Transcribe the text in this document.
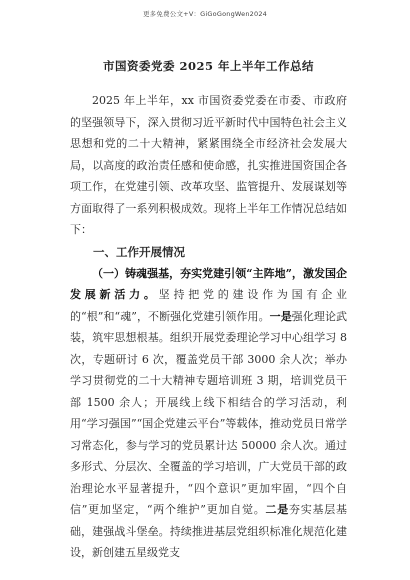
更多免费公文+V：GiGoGongWen2024
市国资委党委 2025 年上半年工作总结

2025 年上半年，xx 市国资委党委在市委、市政府的坚强领导下，深入贯彻习近平新时代中国特色社会主义思想和党的二十大精神，紧紧围绕全市经济社会发展大局，以高度的政治责任感和使命感，扎实推进国资国企各项工作，在党建引领、改革攻坚、监管提升、发展谋划等方面取得了一系列积极成效。现将上半年工作情况总结如下：

一、工作开展情况

（一）铸魂强基，夯实党建引领“主阵地”，激发国企发展新活力。坚持把党的建设作为国有企业的“根”和“魂”，不断强化党建引领作用。一是强化理论武装，筑牢思想根基。组织开展党委理论学习中心组学习 8 次，专题研讨 6 次，覆盖党员干部 3000 余人次；举办学习贯彻党的二十大精神专题培训班 3 期，培训党员干部 1500 余人；开展线上线下相结合的学习活动，利用“学习强国”“国企党建云平台”等载体，推动党员日常学习常态化，参与学习的党员累计达 50000 余人次。通过多形式、分层次、全覆盖的学习培训，广大党员干部的政治理论水平显著提升，“四个意识”更加牢固，“四个自信”更加坚定，“两个维护”更加自觉。二是夯实基层基础，建强战斗堡垒。持续推进基层党组织标准化规范化建设，新创建五星级党支
